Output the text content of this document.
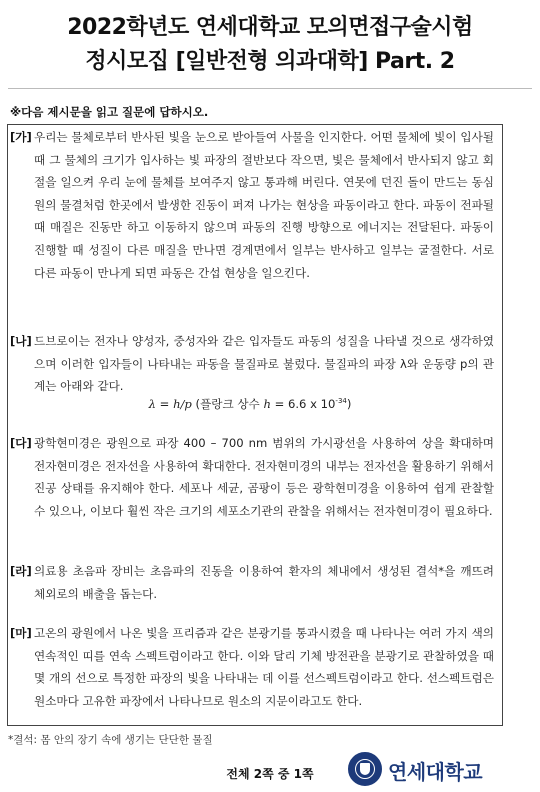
2022학년도 연세대학교 모의면접구술시험
정시모집 [일반전형 의과대학] Part. 2
※다음 제시문을 읽고 질문에 답하시오.
[가] 우리는 물체로부터 반사된 빛을 눈으로 받아들여 사물을 인지한다. 어떤 물체에 빛이 입사될 때 그 물체의 크기가 입사하는 빛 파장의 절반보다 작으면, 빛은 물체에서 반사되지 않고 회절을 일으켜 우리 눈에 물체를 보여주지 않고 통과해 버린다. 연못에 던진 돌이 만드는 동심원의 물결처럼 한곳에서 발생한 진동이 퍼져 나가는 현상을 파동이라고 한다. 파동이 전파될 때 매질은 진동만 하고 이동하지 않으며 파동의 진행 방향으로 에너지는 전달된다. 파동이 진행할 때 성질이 다른 매질을 만나면 경계면에서 일부는 반사하고 일부는 굴절한다. 서로 다른 파동이 만나게 되면 파동은 간섭 현상을 일으킨다.
[나] 드브로이는 전자나 양성자, 중성자와 같은 입자들도 파동의 성질을 나타낼 것으로 생각하였으며 이러한 입자들이 나타내는 파동을 물질파로 불렀다. 물질파의 파장 λ와 운동량 p의 관계는 아래와 같다.
λ = h/p (플랑크 상수 h = 6.6 x $10^{-34}$)
[다] 광학현미경은 광원으로 파장 400 – 700 nm 범위의 가시광선을 사용하여 상을 확대하며 전자현미경은 전자선을 사용하여 확대한다. 전자현미경의 내부는 전자선을 활용하기 위해서 진공 상태를 유지해야 한다. 세포나 세균, 곰팡이 등은 광학현미경을 이용하여 쉽게 관찰할 수 있으나, 이보다 훨씬 작은 크기의 세포소기관의 관찰을 위해서는 전자현미경이 필요하다.
[라] 의료용 초음파 장비는 초음파의 진동을 이용하여 환자의 체내에서 생성된 결석*을 깨뜨려 체외로의 배출을 돕는다.
[마] 고온의 광원에서 나온 빛을 프리즘과 같은 분광기를 통과시켰을 때 나타나는 여러 가지 색의 연속적인 띠를 연속 스펙트럼이라고 한다. 이와 달리 기체 방전관을 분광기로 관찰하였을 때 몇 개의 선으로 특정한 파장의 빛을 나타내는 데 이를 선스펙트럼이라고 한다. 선스펙트럼은 원소마다 고유한 파장에서 나타나므로 원소의 지문이라고도 한다.
*결석: 몸 안의 장기 속에 생기는 단단한 물질
전체 2쪽 중 1쪽	연세대학교
